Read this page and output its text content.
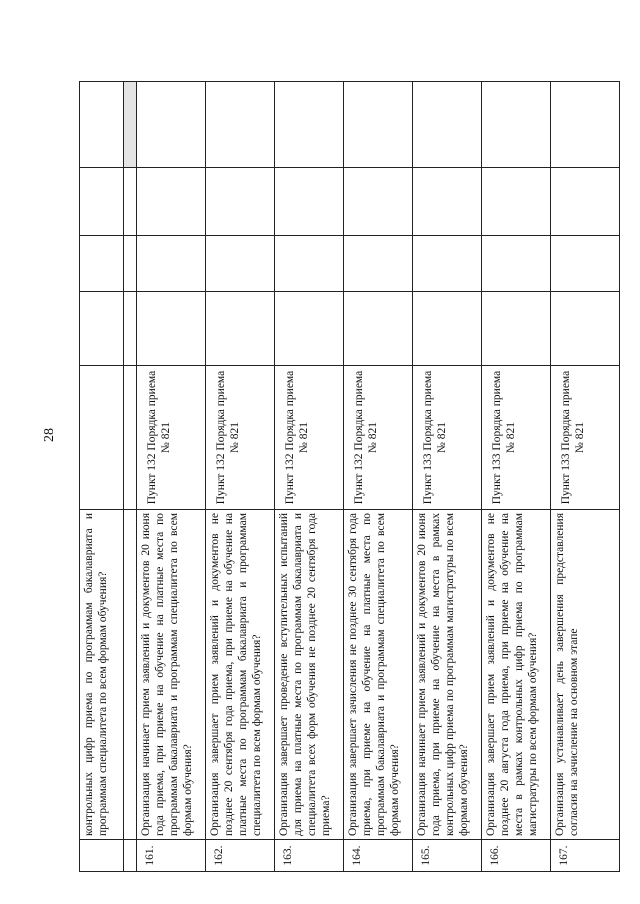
28
	контрольных цифр приема по программам бакалавриата и программам специалитета по всем формам обучения?					

161.	Организация начинает прием заявлений и документов 20 июня года приема, при приеме на обучение на платные места по программам бакалавриата и программам специалитета по всем формам обучения?	Пункт 132 Порядка приема № 821				
162.	Организация завершает прием заявлений и документов не позднее 20 сентября года приема, при приеме на обучение на платные места по программам бакалавриата и программам специалитета по всем формам обучения?	Пункт 132 Порядка приема № 821				
163.	Организация завершает проведение вступительных испытаний для приема на платные места по программам бакалавриата и специалитета всех форм обучения не позднее 20 сентября года приема?	Пункт 132 Порядка приема № 821				
164.	Организация завершает зачисления не позднее 30 сентября года приема, при приеме на обучение на платные места по программам бакалавриата и программам специалитета по всем формам обучения?	Пункт 132 Порядка приема № 821				
165.	Организация начинает прием заявлений и документов 20 июня года приема, при приеме на обучение на места в рамках контрольных цифр приема по программам магистратуры по всем формам обучения?	Пункт 133 Порядка приема № 821				
166.	Организация завершает прием заявлений и документов не позднее 20 августа года приема, при приеме на обучение на места в рамках контрольных цифр приема по программам магистратуры по всем формам обучения?	Пункт 133 Порядка приема № 821				
167.	Организация устанавливает день завершения представления согласия на зачисление на основном этапе	Пункт 133 Порядка приема № 821				
